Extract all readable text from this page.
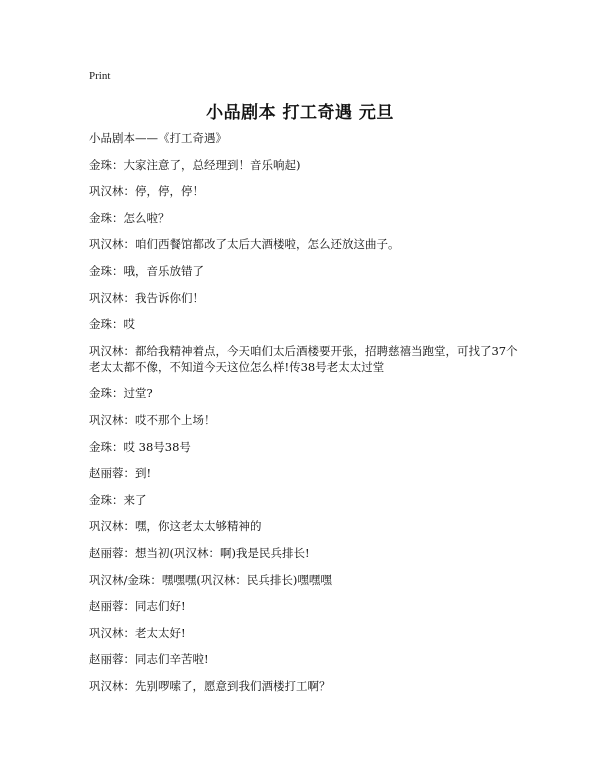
Print
小品剧本 打工奇遇 元旦
小品剧本——《打工奇遇》
金珠：大家注意了，总经理到！音乐响起)
巩汉林：停，停，停！
金珠：怎么啦？
巩汉林：咱们西餐馆都改了太后大酒楼啦，怎么还放这曲子。
金珠：哦，音乐放错了
巩汉林：我告诉你们！
金珠：哎
巩汉林：都给我精神着点，今天咱们太后酒楼要开张，招聘慈禧当跑堂，可找了37个老太太都不像，不知道今天这位怎么样!传38号老太太过堂
金珠：过堂?
巩汉林：哎不那个上场！
金珠：哎 38号38号
赵丽蓉：到!
金珠：来了
巩汉林：嘿，你这老太太够精神的
赵丽蓉：想当初(巩汉林：啊)我是民兵排长!
巩汉林/金珠：嘿嘿嘿(巩汉林：民兵排长)嘿嘿嘿
赵丽蓉：同志们好!
巩汉林：老太太好!
赵丽蓉：同志们辛苦啦!
巩汉林：先别啰嗦了，愿意到我们酒楼打工啊？
